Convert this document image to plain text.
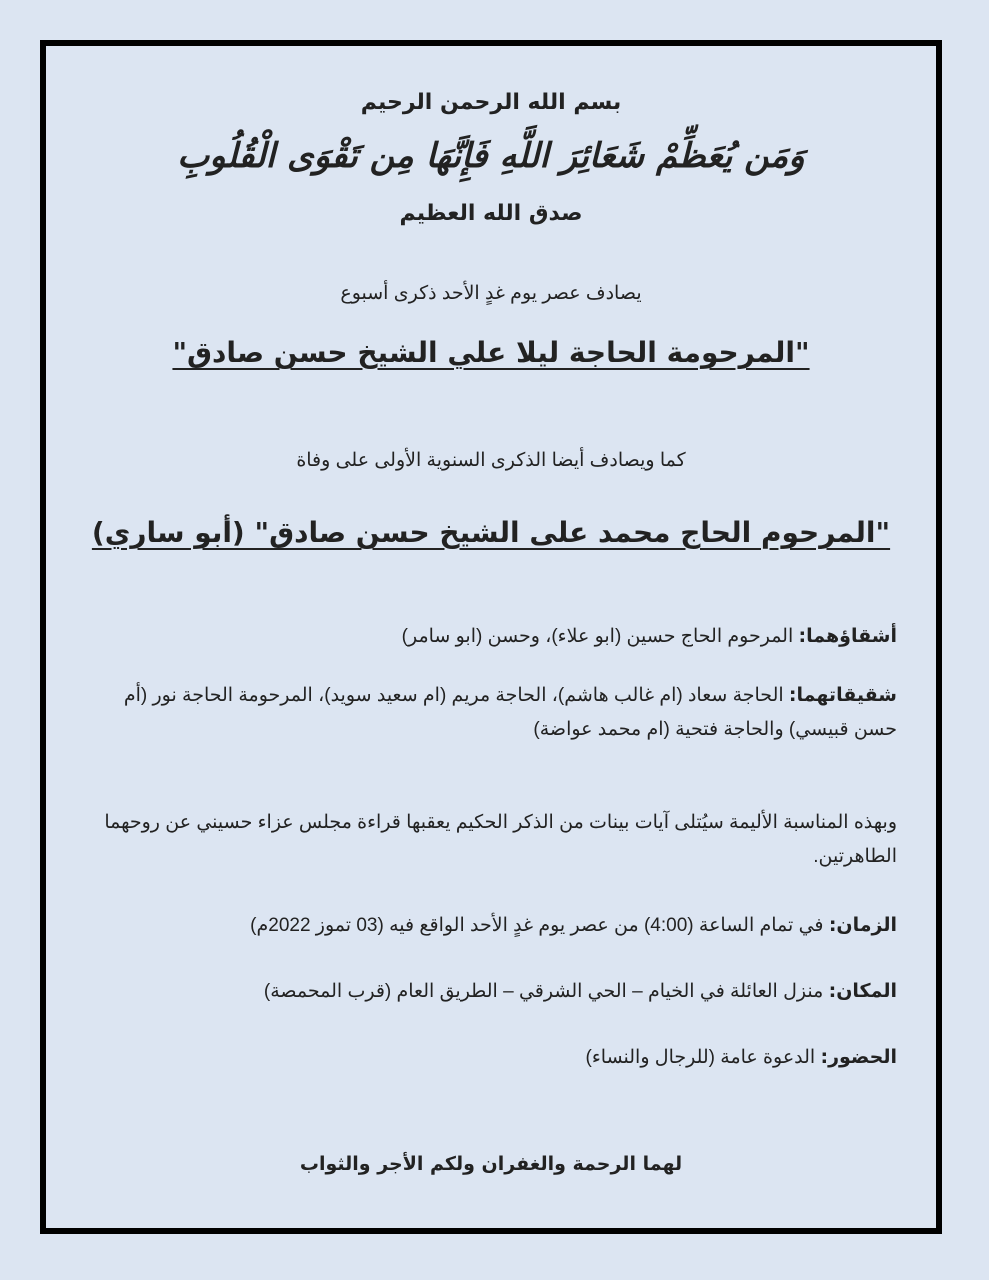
بسم الله الرحمن الرحيم
وَمَن يُعَظِّمْ شَعَائِرَ اللَّهِ فَإِنَّهَا مِن تَقْوَى الْقُلُوبِ
صدق الله العظيم
يصادف عصر يوم غدٍ الأحد ذكرى أسبوع
"المرحومة الحاجة ليلا علي الشيخ حسن صادق"
كما ويصادف أيضا الذكرى السنوية الأولى على وفاة
"المرحوم الحاج محمد على الشيخ حسن صادق" (أبو ساري)
لهما الرحمة والغفران ولكم الأجر والثواب
أشقاؤهما: المرحوم الحاج حسين (ابو علاء)، وحسن (ابو سامر)
شقيقاتهما: الحاجة سعاد (ام غالب هاشم)، الحاجة مريم (ام سعيد سويد)، المرحومة الحاجة نور (أم حسن قبيسي) والحاجة فتحية (ام محمد عواضة)
وبهذه المناسبة الأليمة سيُتلى آيات بينات من الذكر الحكيم يعقبها قراءة مجلس عزاء حسيني عن روحهما الطاهرتين.
الزمان: في تمام الساعة (4:00) من عصر يوم غدٍ الأحد الواقع فيه (03 تموز 2022م)
المكان: منزل العائلة في الخيام – الحي الشرقي – الطريق العام (قرب المحمصة)
الحضور: الدعوة عامة (للرجال والنساء)
